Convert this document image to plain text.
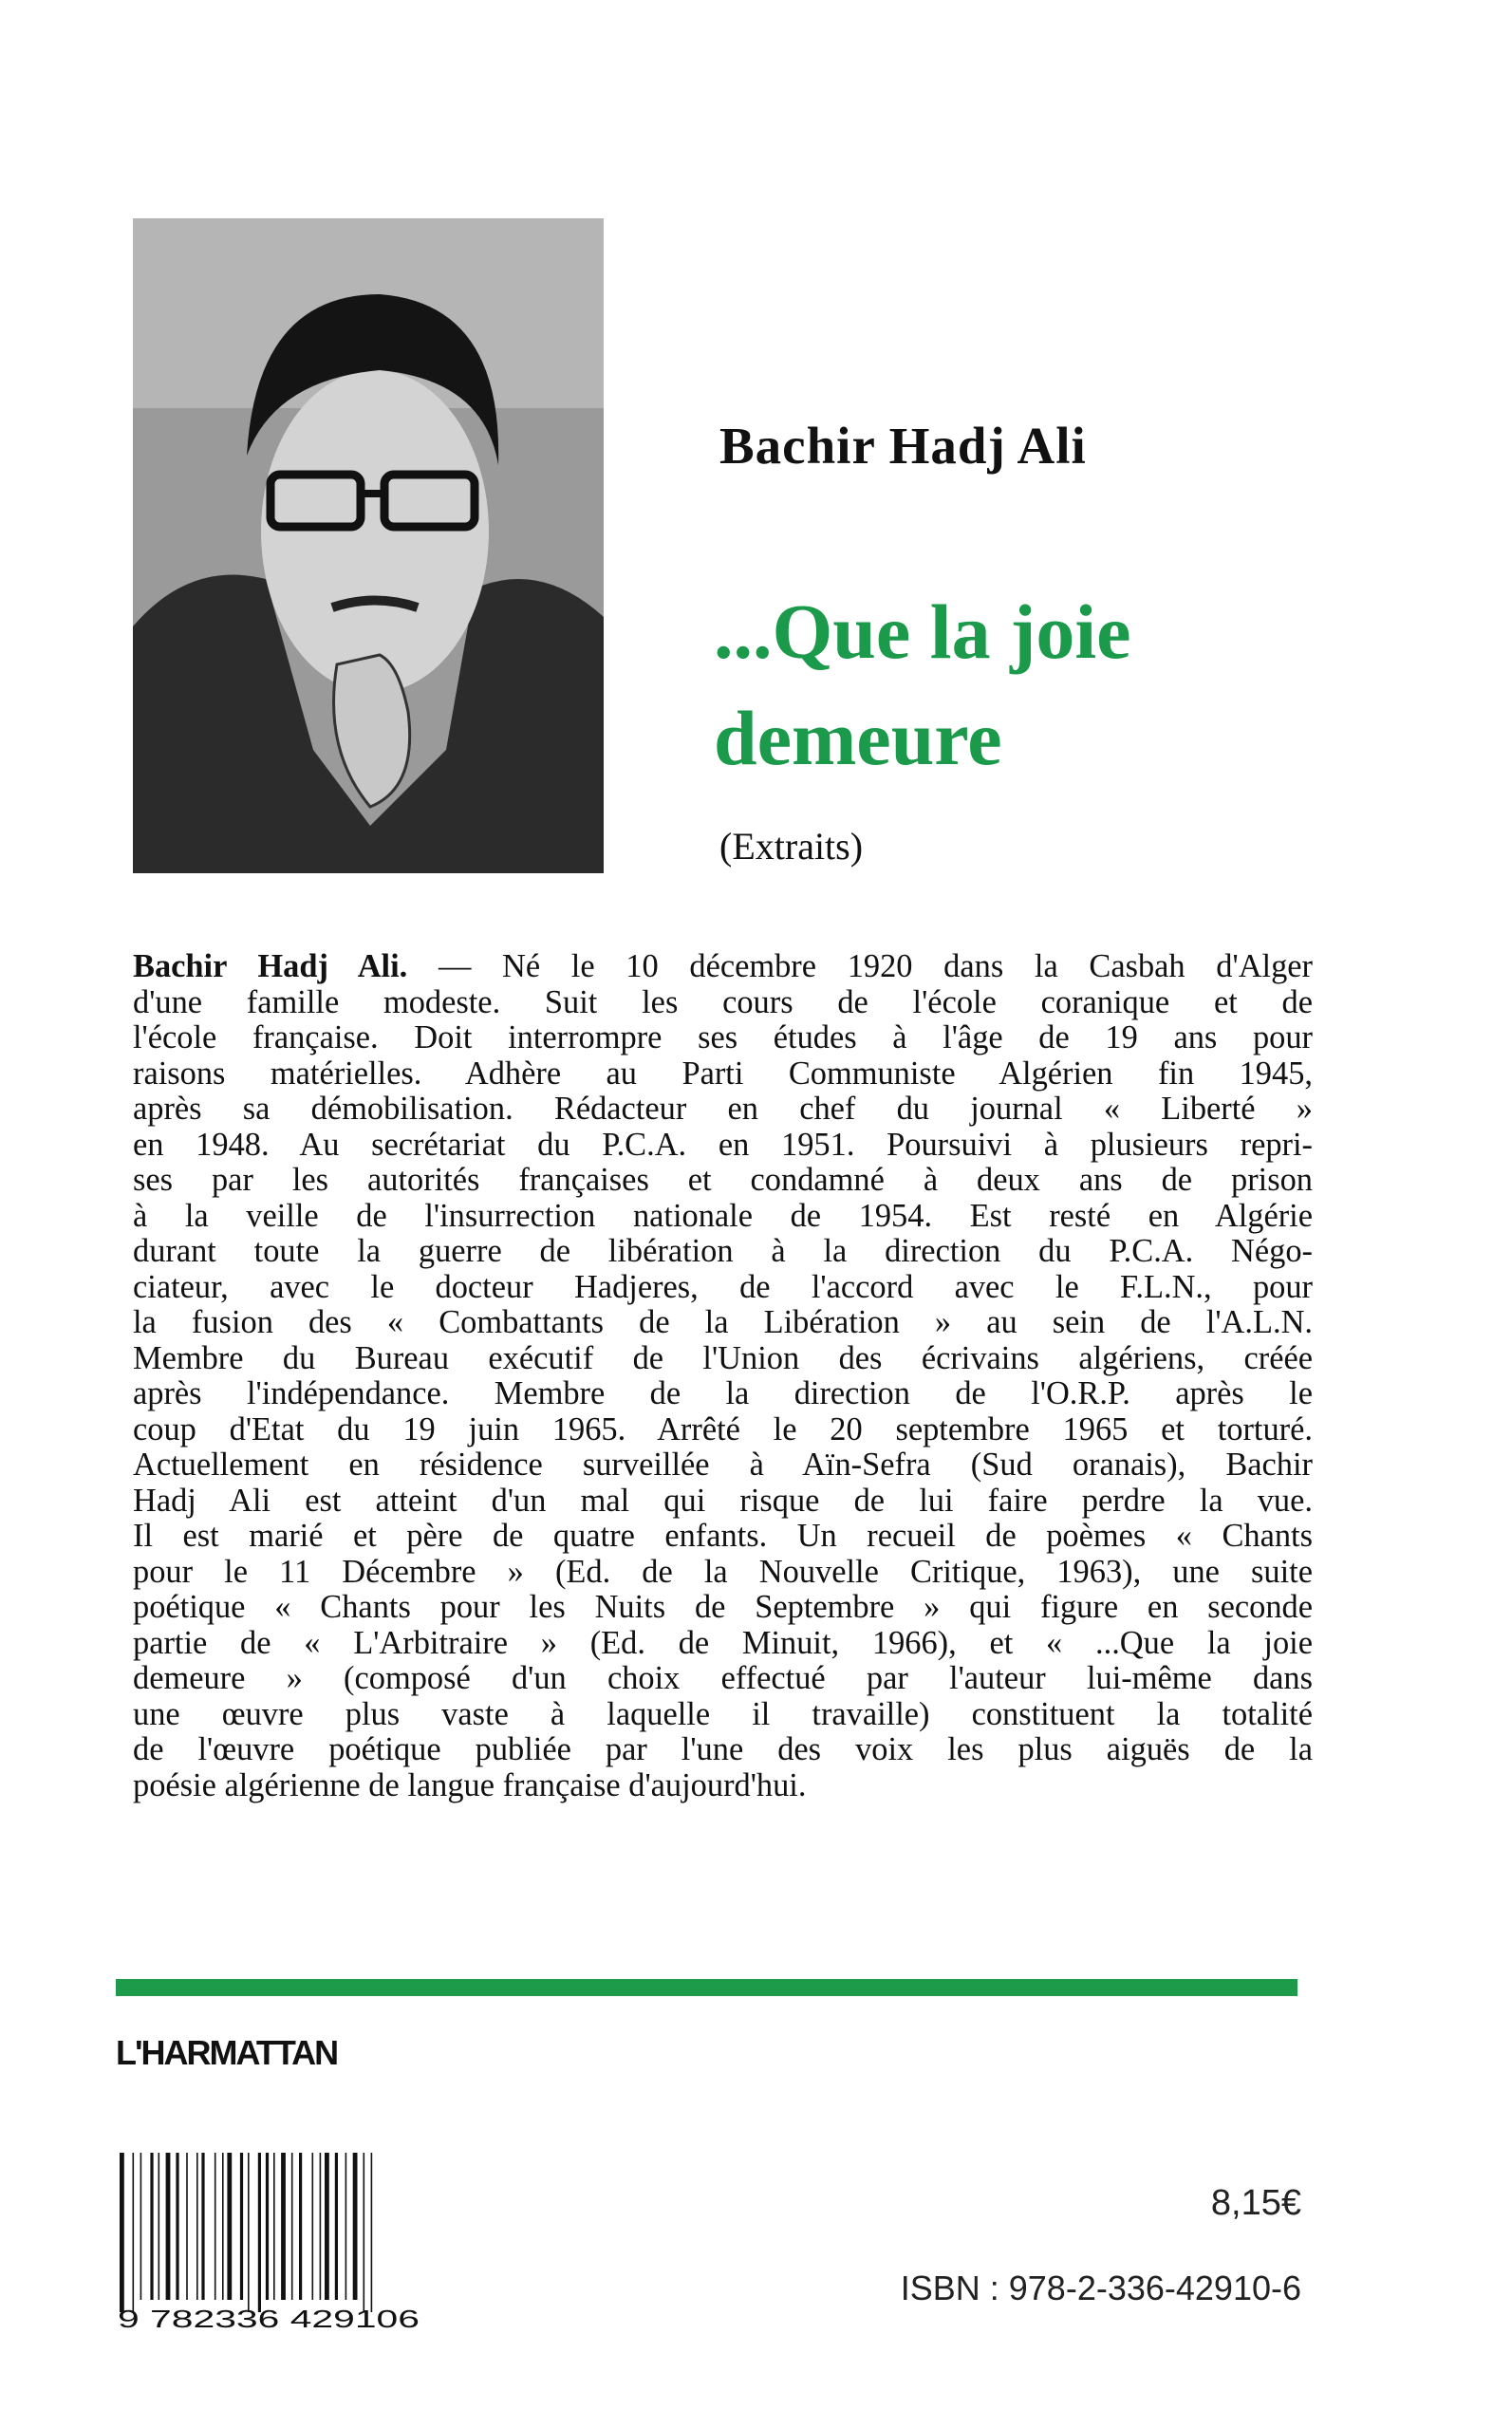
Bachir Hadj Ali
...Que la joie
demeure
(Extraits)
Bachir Hadj Ali. — Né le 10 décembre 1920 dans la Casbah d'Alger
d'une famille modeste. Suit les cours de l'école coranique et de
l'école française. Doit interrompre ses études à l'âge de 19 ans pour
raisons matérielles. Adhère au Parti Communiste Algérien fin 1945,
après sa démobilisation. Rédacteur en chef du journal « Liberté »
en 1948. Au secrétariat du P.C.A. en 1951. Poursuivi à plusieurs repri-
ses par les autorités françaises et condamné à deux ans de prison
à la veille de l'insurrection nationale de 1954. Est resté en Algérie
durant toute la guerre de libération à la direction du P.C.A. Négo-
ciateur, avec le docteur Hadjeres, de l'accord avec le F.L.N., pour
la fusion des « Combattants de la Libération » au sein de l'A.L.N.
Membre du Bureau exécutif de l'Union des écrivains algériens, créée
après l'indépendance. Membre de la direction de l'O.R.P. après le
coup d'Etat du 19 juin 1965. Arrêté le 20 septembre 1965 et torturé.
Actuellement en résidence surveillée à Aïn-Sefra (Sud oranais), Bachir
Hadj Ali est atteint d'un mal qui risque de lui faire perdre la vue.
Il est marié et père de quatre enfants. Un recueil de poèmes « Chants
pour le 11 Décembre » (Ed. de la Nouvelle Critique, 1963), une suite
poétique « Chants pour les Nuits de Septembre » qui figure en seconde
partie de « L'Arbitraire » (Ed. de Minuit, 1966), et « ...Que la joie
demeure » (composé d'un choix effectué par l'auteur lui-même dans
une œuvre plus vaste à laquelle il travaille) constituent la totalité
de l'œuvre poétique publiée par l'une des voix les plus aiguës de la
poésie algérienne de langue française d'aujourd'hui.
L'HARMATTAN
9 782336 429106
8,15€
ISBN : 978-2-336-42910-6
